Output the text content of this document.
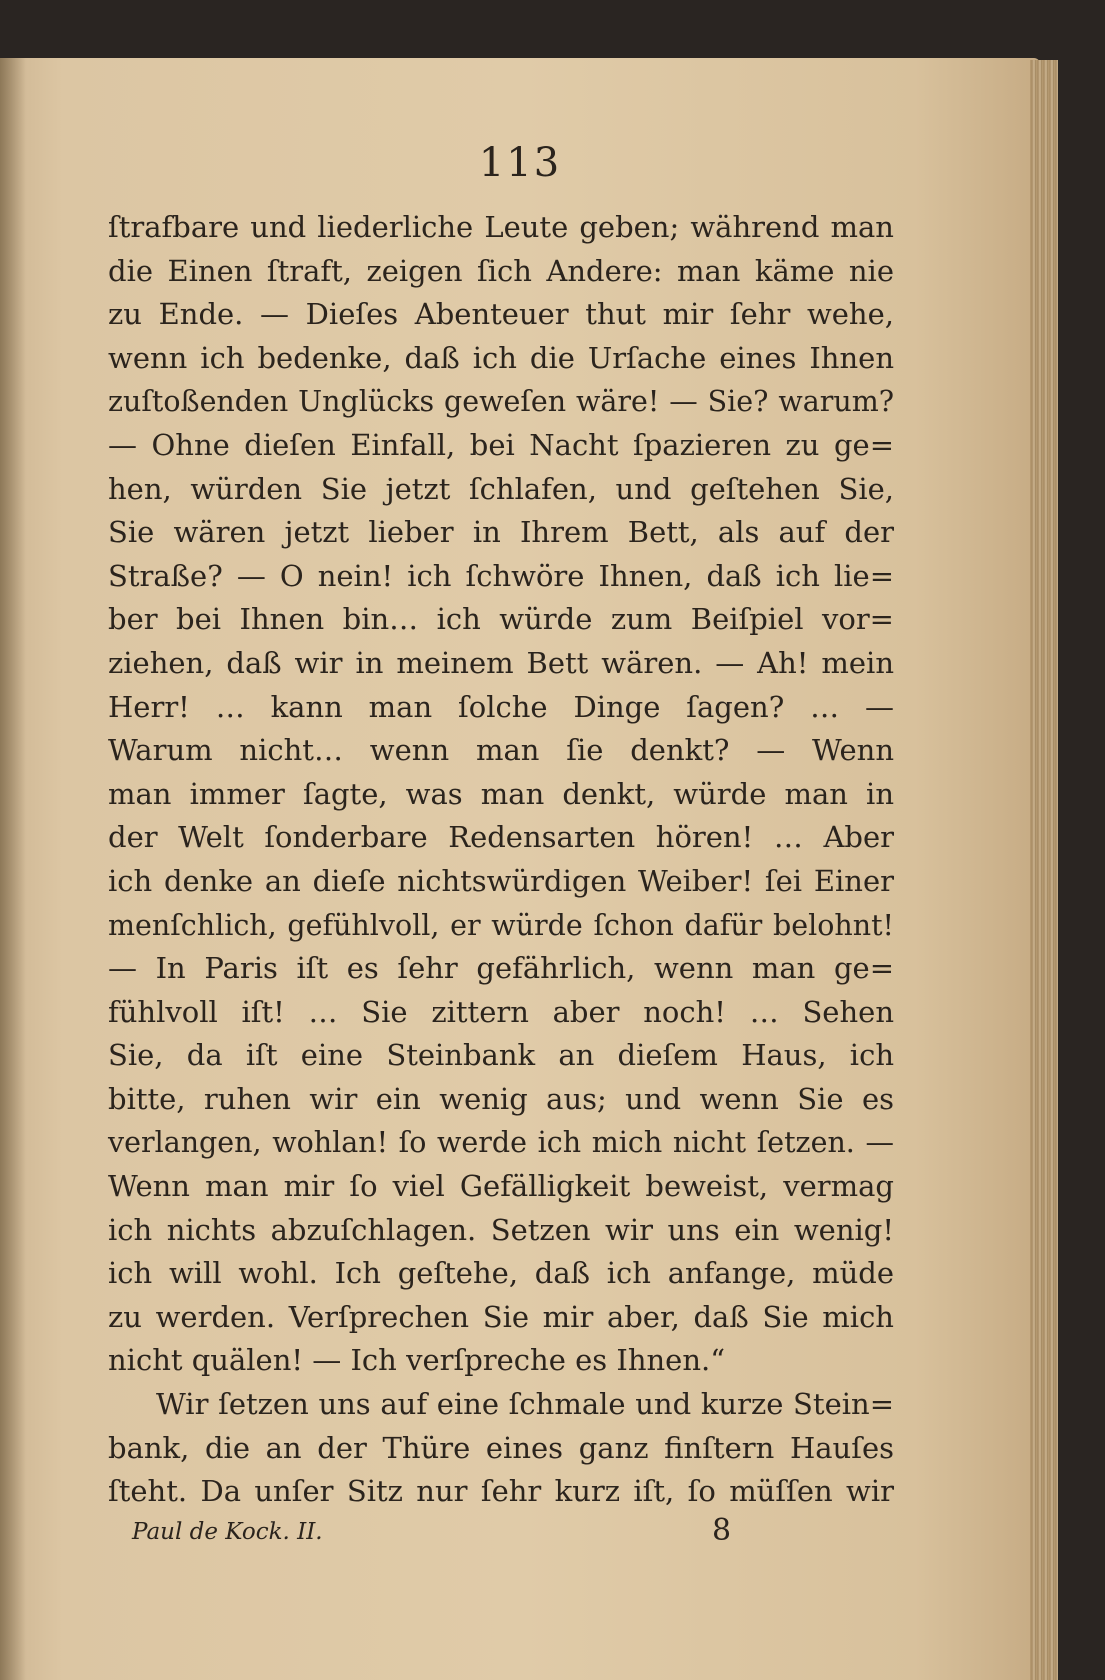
113
ſtrafbare und liederliche Leute geben; während man
die Einen ſtraft, zeigen ſich Andere: man käme nie
zu Ende. — Dieſes Abenteuer thut mir ſehr wehe,
wenn ich bedenke, daß ich die Urſache eines Ihnen
zuſtoßenden Unglücks geweſen wäre! — Sie? warum?
— Ohne dieſen Einfall, bei Nacht ſpazieren zu ge=
hen, würden Sie jetzt ſchlafen, und geſtehen Sie,
Sie wären jetzt lieber in Ihrem Bett, als auf der
Straße? — O nein! ich ſchwöre Ihnen, daß ich lie=
ber bei Ihnen bin… ich würde zum Beiſpiel vor=
ziehen, daß wir in meinem Bett wären. — Ah! mein
Herr! … kann man ſolche Dinge ſagen? … —
Warum nicht… wenn man ſie denkt? — Wenn
man immer ſagte, was man denkt, würde man in
der Welt ſonderbare Redensarten hören! … Aber
ich denke an dieſe nichtswürdigen Weiber! ſei Einer
menſchlich, gefühlvoll, er würde ſchon dafür belohnt!
— In Paris iſt es ſehr gefährlich, wenn man ge=
fühlvoll iſt! … Sie zittern aber noch! … Sehen
Sie, da iſt eine Steinbank an dieſem Haus, ich
bitte, ruhen wir ein wenig aus; und wenn Sie es
verlangen, wohlan! ſo werde ich mich nicht ſetzen. —
Wenn man mir ſo viel Gefälligkeit beweist, vermag
ich nichts abzuſchlagen. Setzen wir uns ein wenig!
ich will wohl. Ich geſtehe, daß ich anfange, müde
zu werden. Verſprechen Sie mir aber, daß Sie mich
nicht quälen! — Ich verſpreche es Ihnen.“
Wir ſetzen uns auf eine ſchmale und kurze Stein=
bank, die an der Thüre eines ganz finſtern Hauſes
ſteht. Da unſer Sitz nur ſehr kurz iſt, ſo müſſen wir
Paul de Kock. II.	8
